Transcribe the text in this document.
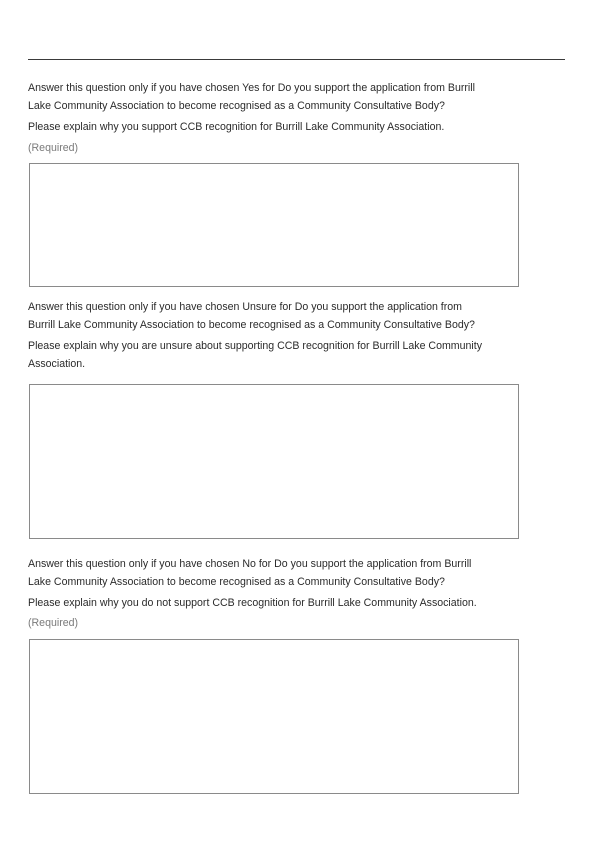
Answer this question only if you have chosen Yes for Do you support the application from Burrill
Lake Community Association to become recognised as a Community Consultative Body?
Please explain why you support CCB recognition for Burrill Lake Community Association.
(Required)
Answer this question only if you have chosen Unsure for Do you support the application from
Burrill Lake Community Association to become recognised as a Community Consultative Body?
Please explain why you are unsure about supporting CCB recognition for Burrill Lake Community
Association.
Answer this question only if you have chosen No for Do you support the application from Burrill
Lake Community Association to become recognised as a Community Consultative Body?
Please explain why you do not support CCB recognition for Burrill Lake Community Association.
(Required)
